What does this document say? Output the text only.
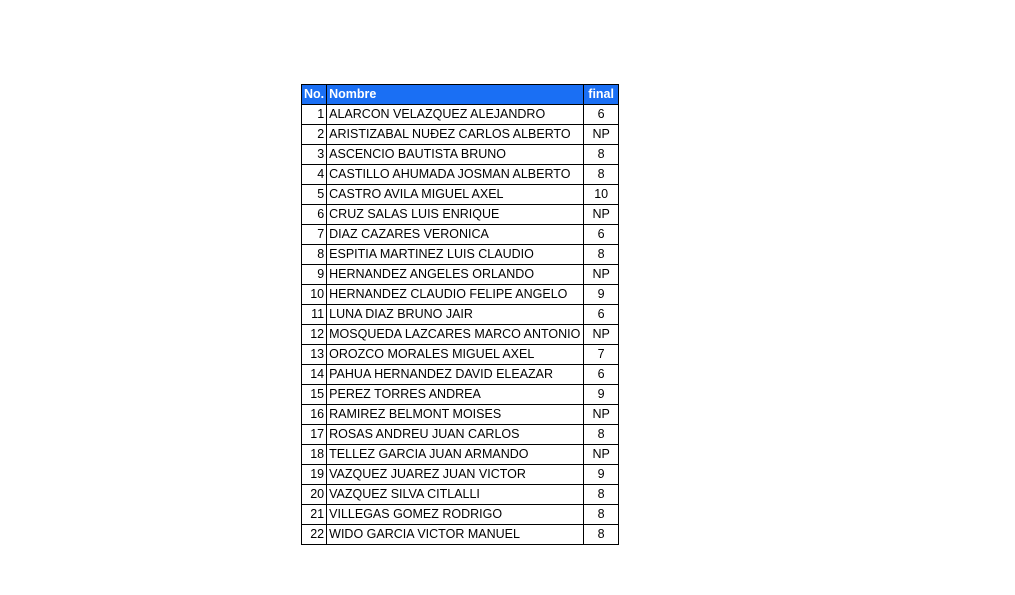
No.	Nombre	final
1	ALARCON VELAZQUEZ ALEJANDRO	6
2	ARISTIZABAL NUĐEZ CARLOS ALBERTO	NP
3	ASCENCIO BAUTISTA BRUNO	8
4	CASTILLO AHUMADA JOSMAN ALBERTO	8
5	CASTRO AVILA MIGUEL AXEL	10
6	CRUZ SALAS LUIS ENRIQUE	NP
7	DIAZ CAZARES VERONICA	6
8	ESPITIA MARTINEZ LUIS CLAUDIO	8
9	HERNANDEZ ANGELES ORLANDO	NP
10	HERNANDEZ CLAUDIO FELIPE ANGELO	9
11	LUNA DIAZ BRUNO JAIR	6
12	MOSQUEDA LAZCARES MARCO ANTONIO	NP
13	OROZCO MORALES MIGUEL AXEL	7
14	PAHUA HERNANDEZ DAVID ELEAZAR	6
15	PEREZ TORRES ANDREA	9
16	RAMIREZ BELMONT MOISES	NP
17	ROSAS ANDREU JUAN CARLOS	8
18	TELLEZ GARCIA JUAN ARMANDO	NP
19	VAZQUEZ JUAREZ JUAN VICTOR	9
20	VAZQUEZ SILVA CITLALLI	8
21	VILLEGAS GOMEZ RODRIGO	8
22	WIDO GARCIA VICTOR MANUEL	8
